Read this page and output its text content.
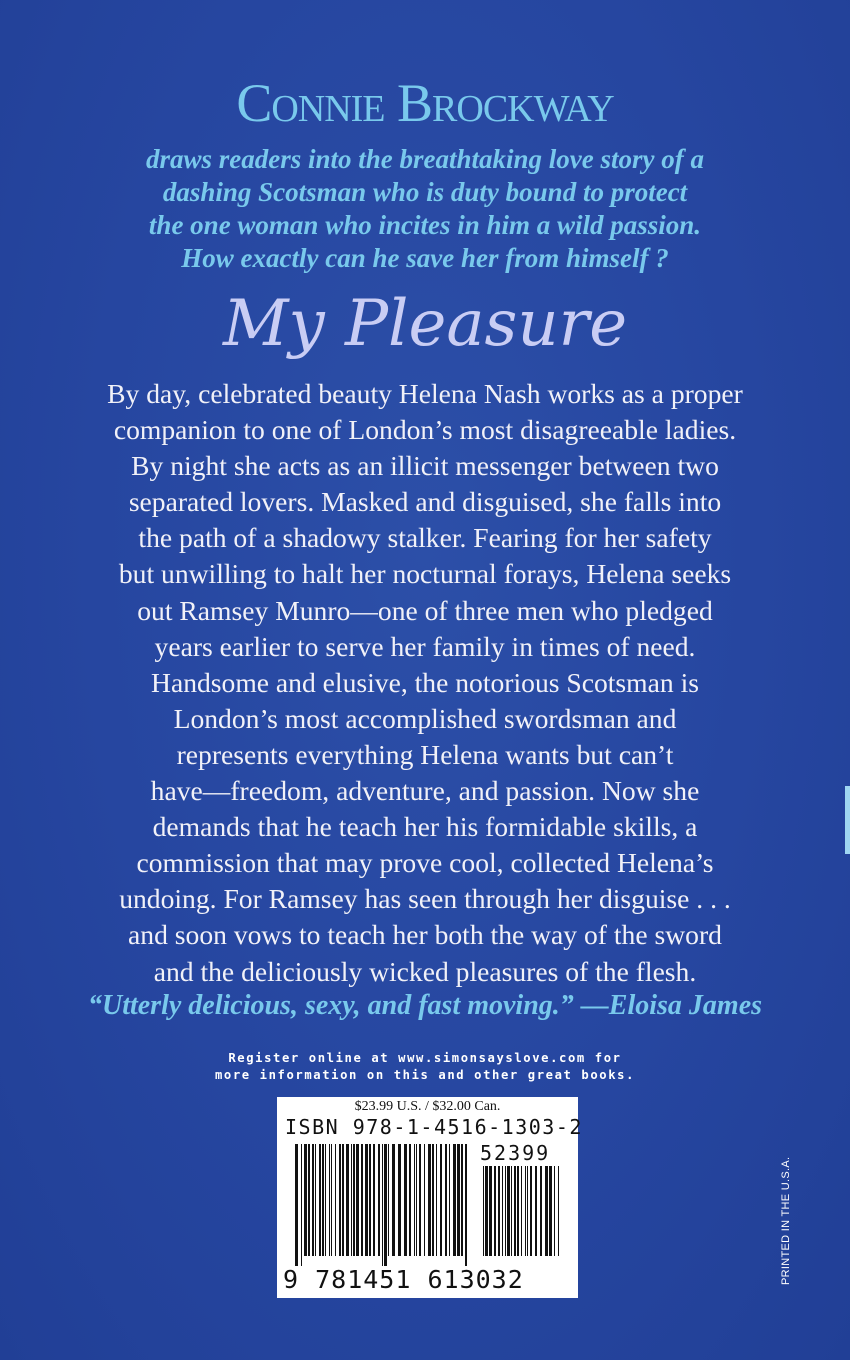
Connie Brockway
draws readers into the breathtaking love story of a
dashing Scotsman who is duty bound to protect
the one woman who incites in him a wild passion.
How exactly can he save her from himself ?
My Pleasure
By day, celebrated beauty Helena Nash works as a proper
companion to one of London’s most disagreeable ladies.
By night she acts as an illicit messenger between two
separated lovers. Masked and disguised, she falls into
the path of a shadowy stalker. Fearing for her safety
but unwilling to halt her nocturnal forays, Helena seeks
out Ramsey Munro—one of three men who pledged
years earlier to serve her family in times of need.
Handsome and elusive, the notorious Scotsman is
London’s most accomplished swordsman and
represents everything Helena wants but can’t
have—freedom, adventure, and passion. Now she
demands that he teach her his formidable skills, a
commission that may prove cool, collected Helena’s
undoing. For Ramsey has seen through her disguise . . .
and soon vows to teach her both the way of the sword
and the deliciously wicked pleasures of the flesh.
“Utterly delicious, sexy, and fast moving.” —Eloisa James
Register online at www.simonsayslove.com for
more information on this and other great books.
$23.99 U.S. / $32.00 Can.
ISBN 978-1-4516-1303-2
52399
9 781451 613032	PRINTED IN THE U.S.A.
